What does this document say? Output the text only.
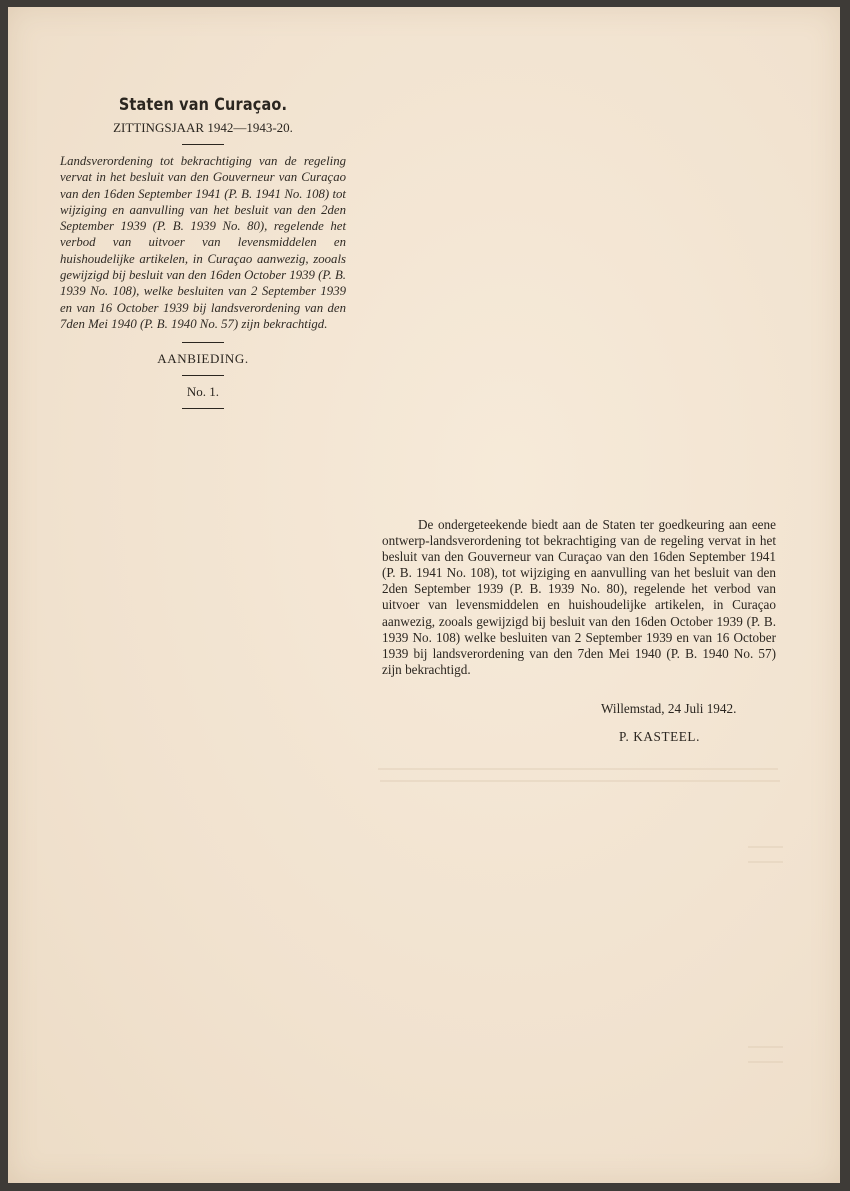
Staten van Curaçao.
ZITTINGSJAAR 1942—1943-20.

Landsverordening tot bekrachtiging van de regeling vervat in het besluit van den Gouverneur van Curaçao van den 16den September 1941 (P. B. 1941 No. 108) tot wijziging en aanvulling van het besluit van den 2den September 1939 (P. B. 1939 No. 80), regelende het verbod van uitvoer van levensmiddelen en huishoudelijke artikelen, in Curaçao aanwezig, zooals gewijzigd bij besluit van den 16den October 1939 (P. B. 1939 No. 108), welke besluiten van 2 September 1939 en van 16 October 1939 bij landsverordening van den 7den Mei 1940 (P. B. 1940 No. 57) zijn bekrachtigd.

AANBIEDING.
No. 1.

De ondergeteekende biedt aan de Staten ter goedkeuring aan eene ontwerp-landsverordening tot bekrachtiging van de regeling vervat in het besluit van den Gouverneur van Curaçao van den 16den September 1941 (P. B. 1941 No. 108), tot wijziging en aanvulling van het besluit van den 2den September 1939 (P. B. 1939 No. 80), regelende het verbod van uitvoer van levensmiddelen en huishoudelijke artikelen, in Curaçao aanwezig, zooals gewijzigd bij besluit van den 16den October 1939 (P. B. 1939 No. 108) welke besluiten van 2 September 1939 en van 16 October 1939 bij landsverordening van den 7den Mei 1940 (P. B. 1940 No. 57) zijn bekrachtigd.

Willemstad, 24 Juli 1942.

P. KASTEEL.
